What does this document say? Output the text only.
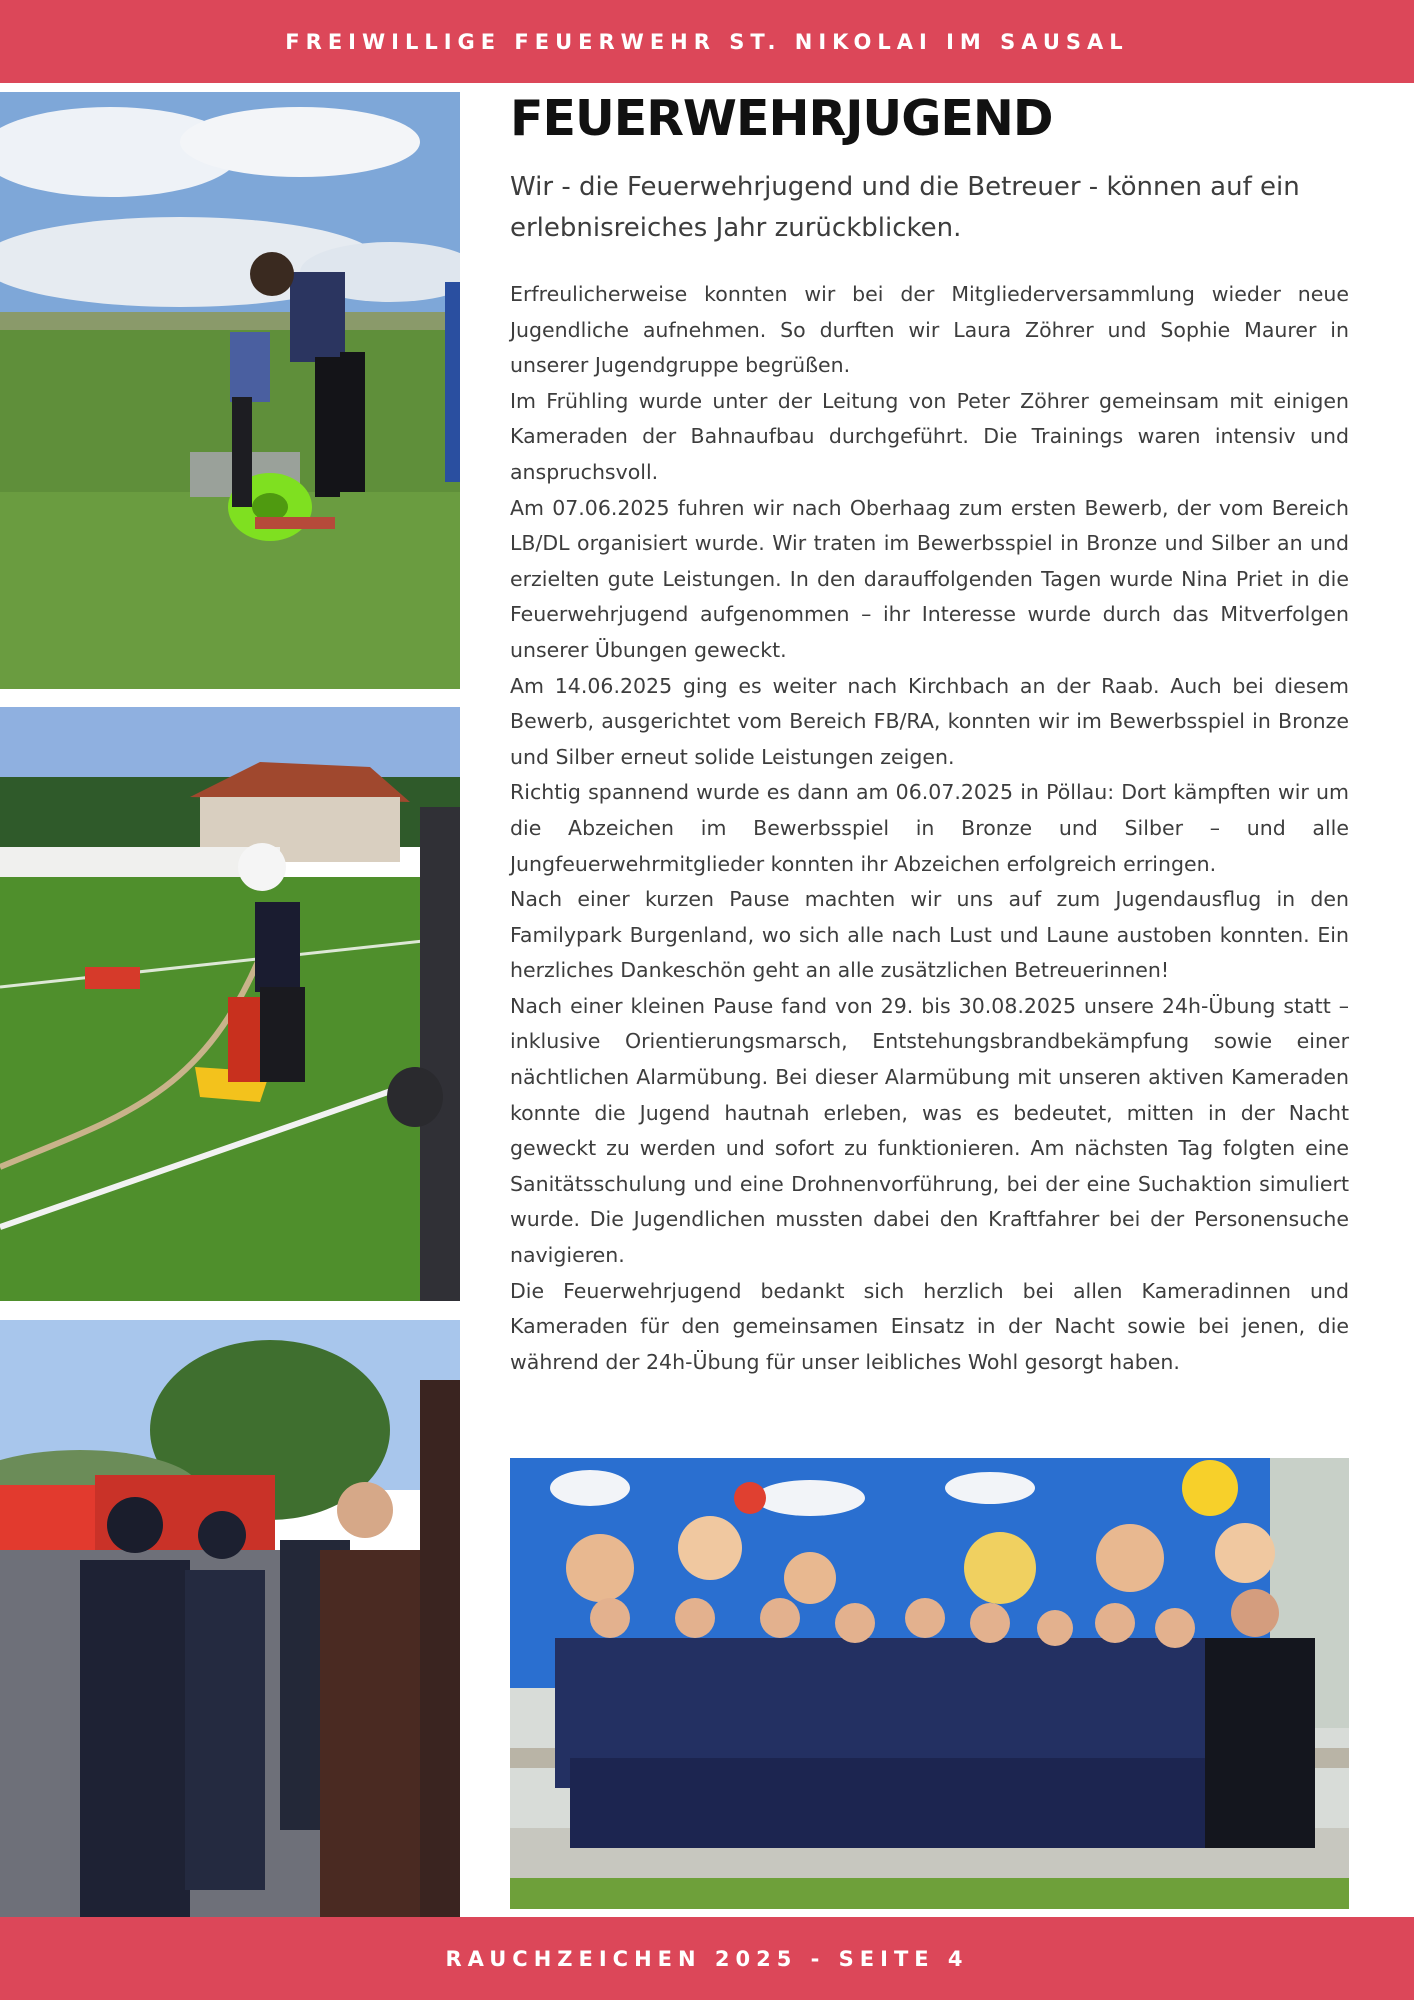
FREIWILLIGE FEUERWEHR ST. NIKOLAI IM SAUSAL
FEUERWEHRJUGEND

Wir - die Feuerwehrjugend und die Betreuer - können auf ein erlebnisreiches Jahr zurückblicken.

Erfreulicherweise konnten wir bei der Mitgliederversammlung wieder neue Jugendliche aufnehmen. So durften wir Laura Zöhrer und Sophie Maurer in unserer Jugendgruppe begrüßen.

Im Frühling wurde unter der Leitung von Peter Zöhrer gemeinsam mit einigen Kameraden der Bahnaufbau durchgeführt. Die Trainings waren intensiv und anspruchsvoll.

Am 07.06.2025 fuhren wir nach Oberhaag zum ersten Bewerb, der vom Bereich LB/DL organisiert wurde. Wir traten im Bewerbsspiel in Bronze und Silber an und erzielten gute Leistungen. In den darauffolgenden Tagen wurde Nina Priet in die Feuerwehrjugend aufgenommen – ihr Interesse wurde durch das Mitverfolgen unserer Übungen geweckt.

Am 14.06.2025 ging es weiter nach Kirchbach an der Raab. Auch bei diesem Bewerb, ausgerichtet vom Bereich FB/RA, konnten wir im Bewerbsspiel in Bronze und Silber erneut solide Leistungen zeigen.

Richtig spannend wurde es dann am 06.07.2025 in Pöllau: Dort kämpften wir um die Abzeichen im Bewerbsspiel in Bronze und Silber – und alle Jungfeuerwehrmitglieder konnten ihr Abzeichen erfolgreich erringen.

Nach einer kurzen Pause machten wir uns auf zum Jugendausflug in den Familypark Burgenland, wo sich alle nach Lust und Laune austoben konnten. Ein herzliches Dankeschön geht an alle zusätzlichen Betreuerinnen!

Nach einer kleinen Pause fand von 29. bis 30.08.2025 unsere 24h-Übung statt – inklusive Orientierungsmarsch, Entstehungsbrandbekämpfung sowie einer nächtlichen Alarmübung. Bei dieser Alarmübung mit unseren aktiven Kameraden konnte die Jugend hautnah erleben, was es bedeutet, mitten in der Nacht geweckt zu werden und sofort zu funktionieren. Am nächsten Tag folgten eine Sanitätsschulung und eine Drohnenvorführung, bei der eine Suchaktion simuliert wurde. Die Jugendlichen mussten dabei den Kraftfahrer bei der Personensuche navigieren.

Die Feuerwehrjugend bedankt sich herzlich bei allen Kameradinnen und Kameraden für den gemeinsamen Einsatz in der Nacht sowie bei jenen, die während der 24h-Übung für unser leibliches Wohl gesorgt haben.

RAUCHZEICHEN 2025 - SEITE 4
